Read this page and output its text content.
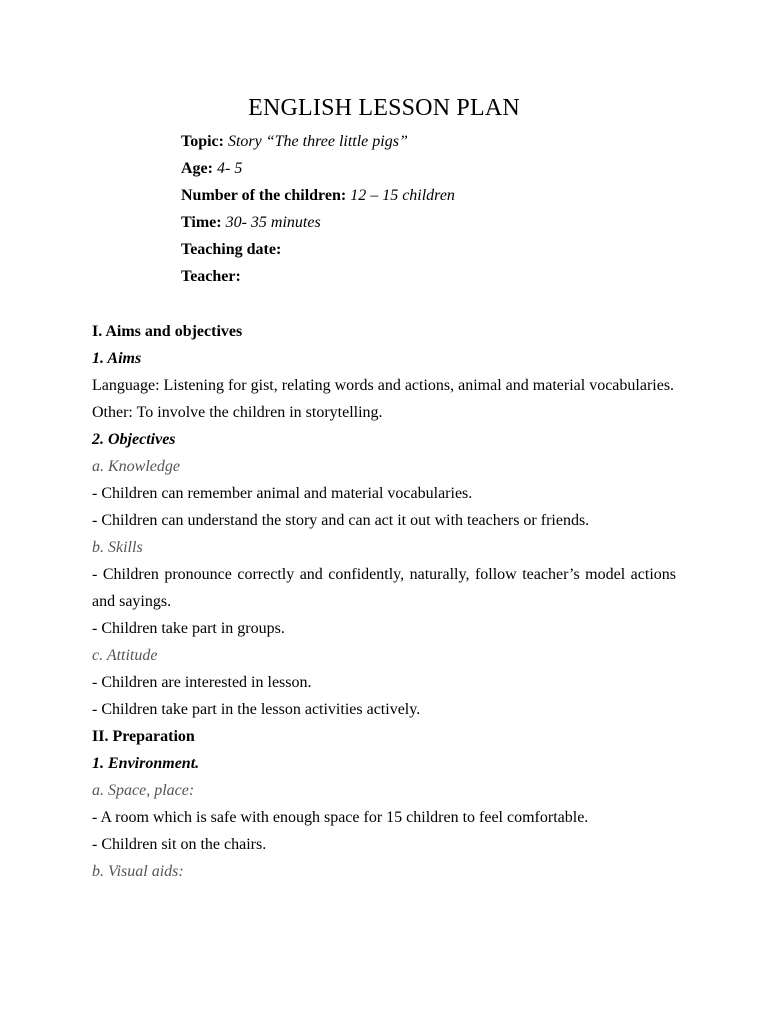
ENGLISH LESSON PLAN
Topic: Story “The three little pigs”
Age: 4- 5
Number of the children: 12 – 15 children
Time: 30- 35 minutes
Teaching date:
Teacher:

I. Aims and objectives

1. Aims

Language: Listening for gist, relating words and actions, animal and material vocabularies.

Other: To involve the children in storytelling.

2. Objectives

a. Knowledge

- Children can remember animal and material vocabularies.

- Children can understand the story and can act it out with teachers or friends.

b. Skills

- Children pronounce correctly and confidently, naturally, follow teacher’s model actions and sayings.

- Children take part in groups.

c. Attitude

- Children are interested in lesson.

- Children take part in the lesson activities actively.

II. Preparation

1. Environment.

a. Space, place:

- A room which is safe with enough space for 15 children to feel comfortable.

- Children sit on the chairs.

b. Visual aids:
